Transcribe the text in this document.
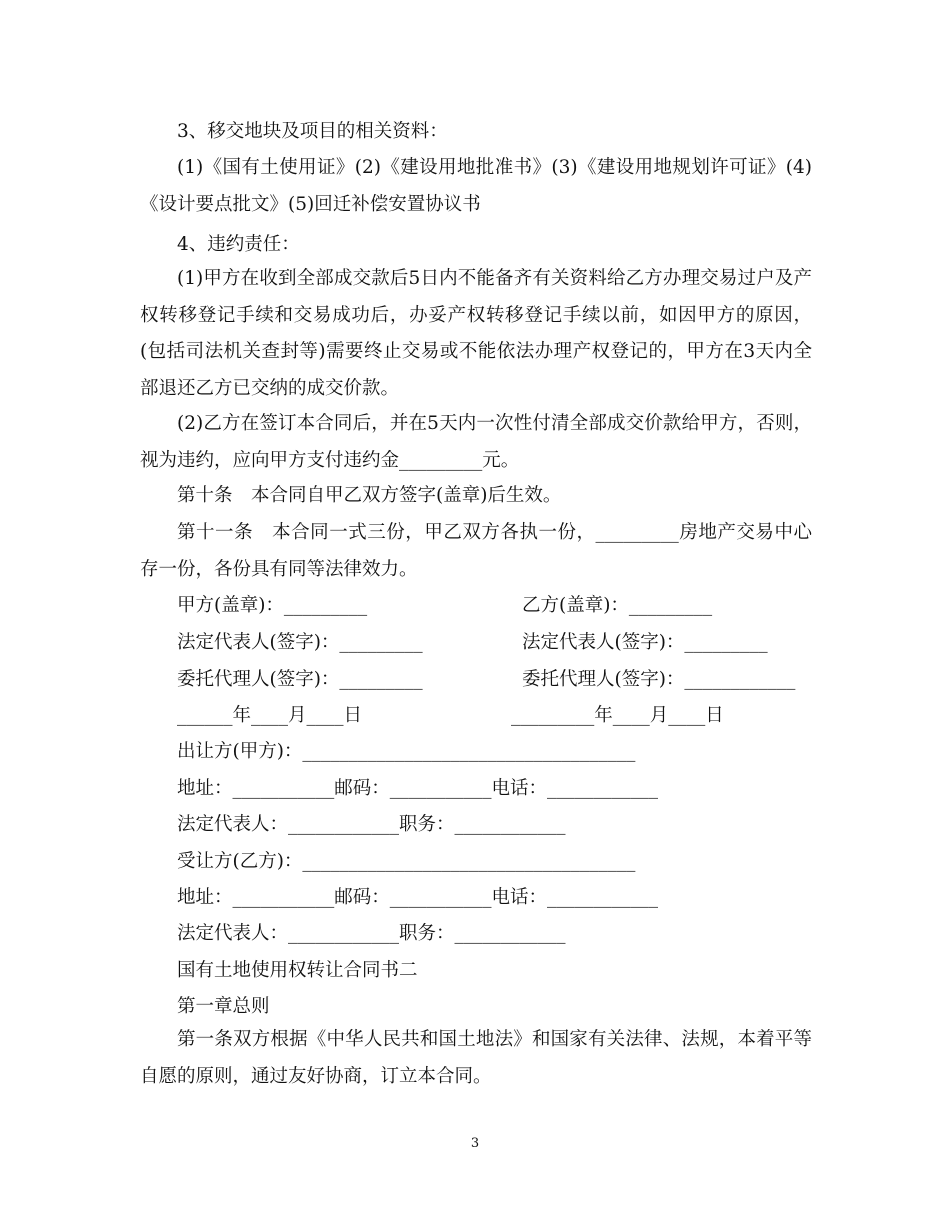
3、移交地块及项目的相关资料：
(1)《国有土使用证》(2)《建设用地批准书》(3)《建设用地规划许可证》(4)《设计要点批文》(5)回迁补偿安置协议书
4、违约责任：
(1)甲方在收到全部成交款后5日内不能备齐有关资料给乙方办理交易过户及产权转移登记手续和交易成功后，办妥产权转移登记手续以前，如因甲方的原因，(包括司法机关查封等)需要终止交易或不能依法办理产权登记的，甲方在3天内全部退还乙方已交纳的成交价款。
(2)乙方在签订本合同后，并在5天内一次性付清全部成交价款给甲方，否则，视为违约，应向甲方支付违约金_________元。
第十条　本合同自甲乙双方签字(盖章)后生效。
第十一条　本合同一式三份，甲乙双方各执一份，_________房地产交易中心存一份，各份具有同等法律效力。
甲方(盖章)：_________	乙方(盖章)：_________
法定代表人(签字)：_________	法定代表人(签字)：_________
委托代理人(签字)：_________	委托代理人(签字)：____________
______年____月____日	_________年____月____日
出让方(甲方)：____________________________________
地址：___________邮码：___________电话：____________
法定代表人：____________职务：____________
受让方(乙方)：____________________________________
地址：___________邮码：___________电话：____________
法定代表人：____________职务：____________
国有土地使用权转让合同书二
第一章总则
第一条双方根据《中华人民共和国土地法》和国家有关法律、法规，本着平等自愿的原则，通过友好协商，订立本合同。
3
